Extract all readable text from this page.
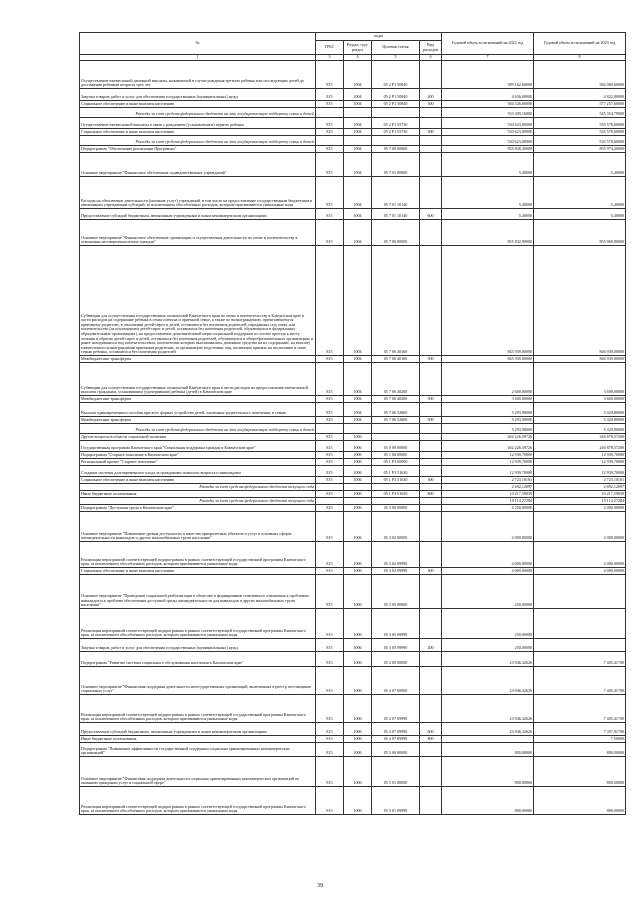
№	коды				Годовой объем ассигнований на 2022 год	Годовой объем ассигнований на 2023 год
	ГРБС	Раздел, под-раздел	Целевая статья	Вид расходов		
1	3	4	5	6	7	8
Осуществление ежемесячной денежной выплаты, назначаемой в случае рождения третьего ребенка или последующих детей до достижения ребенком возраста трех лет	815	1004	05 2 P1 50840		589 162,60000	582 080,60000
Закупка товаров, работ и услуг для обеспечения государственных (муниципальных) нужд	815	1004	05 2 P1 50840	200	4 636,00000	4 822,00000
Социальное обеспечение и иные выплаты населению	815	1004	05 2 P1 50840	300	584 526,60000	577 257,60000
Расходы за счет средств федерального бюджета на эти государственную поддержку семьи и детей					533 309,16000	545 354,79000
Осуществление ежемесячной выплаты в связи с рождением (усыновлением) первого ребенка	815	1004	05 2 P1 55730		530 623,00000	535 578,60000
Социальное обеспечение и иные выплаты населению	815	1004	05 2 P1 55730	300	530 623,00000	535 578,60000
Расходы за счет средств федерального бюджета на эти государственную поддержку семьи и детей					530 623,00000	535 578,60000
Подпрограмма "Обеспечение реализации Программы"	815	1004	05 7 00 00000		855 838,30000	855 974,20000
Основное мероприятие "Финансовое обеспечение подведомственных учреждений"	815	1004	05 7 01 00000		5,40000	5,40000
Расходы на обеспечение деятельности (оказание услуг) учреждений, в том числе на предоставление государственным бюджетным и автономным учреждениям субсидий, за исключением обособленных расходов, которым присваиваются уникальные коды	815	1004	05 7 01 10140		5,40000	5,40000
Предоставление субсидий бюджетным, автономным учреждениям и иным некоммерческим организациям	815	1004	05 7 01 10140	600	5,40000	5,40000
Основное мероприятие "Финансовое обеспечение организации и осуществления деятельности по опеке и попечительству в отношении несовершеннолетних граждан"	815	1004	05 7 06 00000		855 832,90000	855 968,80000
Субвенции для осуществления государственных полномочий Камчатского края по опеке и попечительству в Камчатском крае в части расходов на содержание ребенка в семье опекуна и приемной семье, а также по вознаграждению, причитающемуся приемному родителю, в отношении детей-сирот и детей, оставшихся без попечения родителей, переданных под опеку или попечительство (за исключением детей-сирот и детей, оставшихся без попечения родителей, обучающихся в федеральных образовательных организациях), на предоставление дополнительной меры социальной поддержки по оплате проезда к месту лечения и обратно детей-сирот и детей, оставшихся без попечения родителей, обучающихся в общеобразовательных организациях и ранее находившихся под попечительством, попечителям которых выплачивались денежные средства на их содержание, на выплату ежемесячного вознаграждения приемным родителям, за организацию подготовки лиц, желающих принять на воспитание в свою семью ребенка, оставшегося без попечения родителей	815	1004	05 7 06 40160		845 939,00000	846 939,00000
Межбюджетные трансферты	815	1004	05 7 06 40160	500	845 939,00000	846 939,00000
Субвенции для осуществления государственных полномочий Камчатского края в части расходов на предоставление ежемесячной выплаты гражданам, усыновившим (удочерившим) ребенка (детей) в Камчатском крае	815	1004	05 7 06 40200		2 600,00000	3 600,00000
Межбюджетные трансферты	815	1004	05 7 06 40200	500	3 600,00000	3 600,00000
Выплата единовременного пособия при всех формах устройства детей, лишенных родительского попечения, в семью	815	1004	05 7 06 52600		5 293,90000	5 429,80000
Межбюджетные трансферты	815	1004	05 7 06 52600	500	5 293,90000	5 429,80000
Расходы за счет средств федерального бюджета на эти государственную поддержку семьи и детей					5 293,90000	5 429,80000
Другие вопросы в области социальной политики	815	1006			262 226,59726	246 878,57200
Государственная программа Камчатского края "Социальная поддержка граждан в Камчатском крае"	815	1006	05 0 00 00000		262 226,59726	246 878,57200
Подпрограмма "Старшее поколение в Камчатском крае"	815	1006	05 1 00 00000		12 939,70000	12 939,70000
Региональный проект "Старшее поколение"	815	1006	05 1 P3 00000		12 939,70000	12 939,70000
Создание системы долговременного ухода за гражданами пожилого возраста и инвалидами	815	1006	05 1 P3 51630		12 939,70000	12 939,70000
Социальное обеспечение и иные выплаты населению	815	1006	05 1 P3 51630	300	2 723,10161	2 723,10161
Расходы за счет средств федерального бюджета текущего года					2 692,12097	2 692,12097
Иные бюджетные ассигнования	815	1006	05 1 P3 51630	800	10 217,59839	10 217,59839
Расходы за счет средств федерального бюджета текущего года					10 114,27284	10 114,27284
Подпрограмма "Доступная среда в Камчатском крае"	815	1006	05 3 00 00000		4 250,00000	2 000,00000
Основное мероприятие "Повышение уровня доступности и качества приоритетных объектов и услуг в основных сферах жизнедеятельности инвалидов и других маломобильных групп населения"	815	1006	05 3 02 00000		4 000,00000	2 000,00000
Реализация мероприятий соответствующей подпрограммы в рамках соответствующей государственной программы Камчатского края, за исключением обособленных расходов, которым присваиваются уникальные коды	815	1006	05 3 02 09990		4 000,00000	2 000,00000
Социальное обеспечение и иные выплаты населению	815	1006	05 3 02 09990	300	4 000,00000	2 000,00000
Основное мероприятие "Проведение социальной реабилитации в обществе и формирование позитивного отношения к проблемам инвалидов и к проблеме обеспечения доступной среды жизнедеятельности для инвалидов и других маломобильных групп населения"	815	1006	05 3 05 00000		250,00000	
Реализация мероприятий соответствующей подпрограммы в рамках соответствующей государственной программы Камчатского края, за исключением обособленных расходов, которым присваиваются уникальные коды	815	1006	05 3 05 09990		250,00000	
Закупка товаров, работ и услуг для обеспечения государственных (муниципальных) нужд	815	1006	05 3 05 09990	200	250,00000	
Подпрограмма "Развитие системы социального обслуживания населения в Камчатском крае"	815	1006	05 4 00 00000		23 946,32626	7 405,41700
Основное мероприятие "Финансовая поддержка деятельности негосударственных организаций, включенных в реестр поставщиков социальных услуг"	815	1006	05 4 07 00000		23 946,32626	7 405,41700
Реализация мероприятий соответствующей подпрограммы в рамках соответствующей государственной программы Камчатского края, за исключением обособленных расходов, которым присваиваются уникальные коды	815	1006	05 4 07 09990		23 946,32626	7 405,41700
Предоставление субсидий бюджетным, автономным учреждениям и иным некоммерческим организациям	815	1006	05 4 07 09990	600	23 946,32626	7 397,91700
Иные бюджетные ассигнования	815	1006	05 4 07 09990	800		7,50000
Подпрограмма "Повышение эффективности государственной поддержки социально ориентированных некоммерческих организаций"	815	1006	05 5 00 00000		800,00000	800,00000
Основное мероприятие "Финансовая поддержка деятельности социально ориентированных некоммерческих организаций по оказанию гражданам услуг в социальной сфере"	815	1006	05 5 01 00000		800,00000	800,00000
Реализация мероприятий соответствующей подпрограммы в рамках соответствующей государственной программы Камчатского края, за исключением обособленных расходов, которым присваиваются уникальные коды	815	1006	05 5 01 09990		800,00000	800,00000
39
